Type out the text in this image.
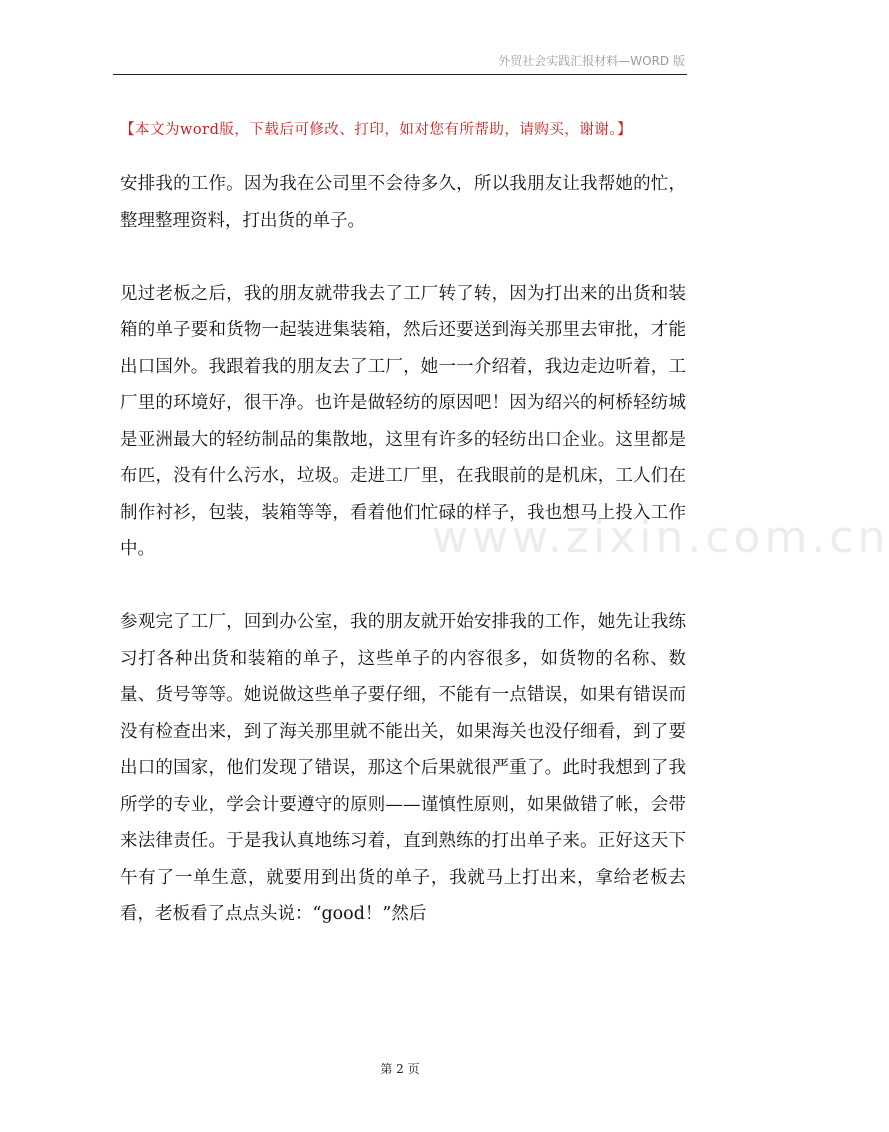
外贸社会实践汇报材料—WORD 版
【本文为word版，下载后可修改、打印，如对您有所帮助，请购买，谢谢。】

安排我的工作。因为我在公司里不会待多久，所以我朋友让我帮她的忙，整理整理资料，打出货的单子。

见过老板之后，我的朋友就带我去了工厂转了转，因为打出来的出货和装箱的单子要和货物一起装进集装箱，然后还要送到海关那里去审批，才能出口国外。我跟着我的朋友去了工厂，她一一介绍着，我边走边听着，工厂里的环境好，很干净。也许是做轻纺的原因吧！因为绍兴的柯桥轻纺城是亚洲最大的轻纺制品的集散地，这里有许多的轻纺出口企业。这里都是布匹，没有什么污水，垃圾。走进工厂里，在我眼前的是机床，工人们在制作衬衫，包装，装箱等等，看着他们忙碌的样子，我也想马上投入工作中。

参观完了工厂，回到办公室，我的朋友就开始安排我的工作，她先让我练习打各种出货和装箱的单子，这些单子的内容很多，如货物的名称、数量、货号等等。她说做这些单子要仔细，不能有一点错误，如果有错误而没有检查出来，到了海关那里就不能出关，如果海关也没仔细看，到了要出口的国家，他们发现了错误，那这个后果就很严重了。此时我想到了我所学的专业，学会计要遵守的原则——谨慎性原则，如果做错了帐，会带来法律责任。于是我认真地练习着，直到熟练的打出单子来。正好这天下午有了一单生意，就要用到出货的单子，我就马上打出来，拿给老板去看，老板看了点点头说：“good！”然后

www.zixin.com.cn
第 2 页
